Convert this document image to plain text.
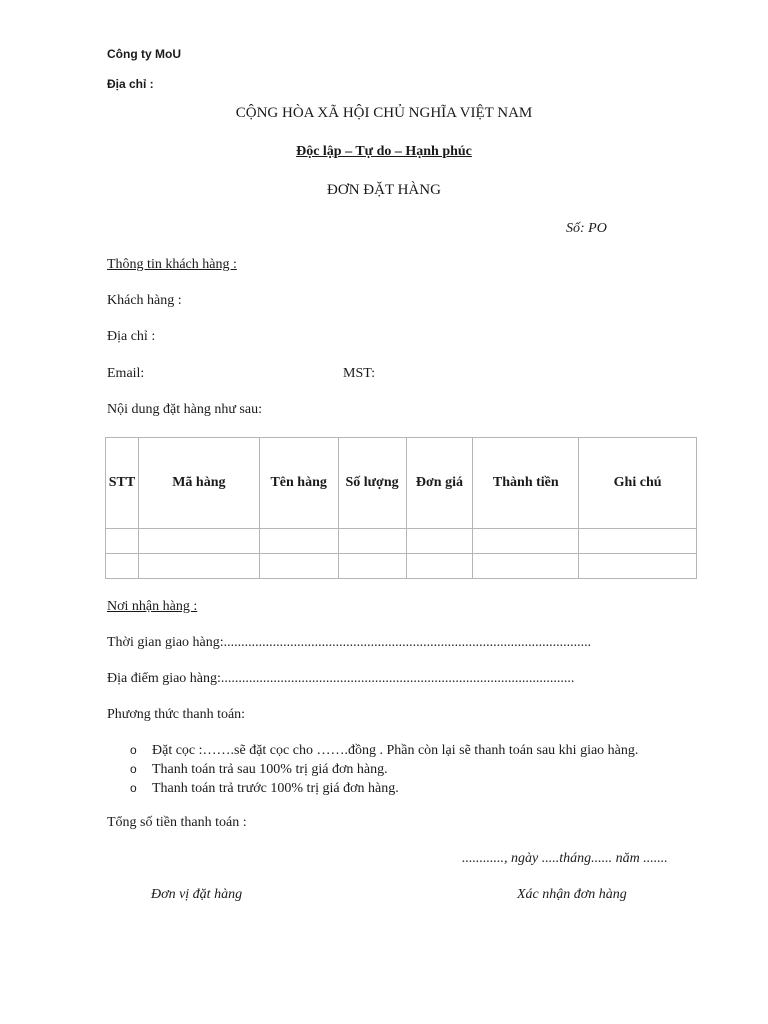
Công ty MoU
Địa chỉ :
CỘNG HÒA XÃ HỘI CHỦ NGHĨA VIỆT NAM
Độc lập – Tự do – Hạnh phúc
ĐƠN ĐẶT HÀNG
Số: PO
Thông tin khách hàng :
Khách hàng :
Địa chỉ :
Email:	MST:
Nội dung đặt hàng như sau:
STT	Mã hàng	Tên hàng	Số lượng	Đơn giá	Thành tiền	Ghi chú

Nơi nhận hàng :
Thời gian giao hàng:.........................................................................................................
Địa điểm giao hàng:.....................................................................................................
Phương thức thanh toán:
o Đặt cọc :…….sẽ đặt cọc cho …….đồng . Phần còn lại sẽ thanh toán sau khi giao hàng.
o Thanh toán trả sau 100% trị giá đơn hàng.
o Thanh toán trả trước 100% trị giá đơn hàng.
Tổng số tiền thanh toán :
............, ngày .....tháng...... năm .......
Đơn vị đặt hàng	Xác nhận đơn hàng
